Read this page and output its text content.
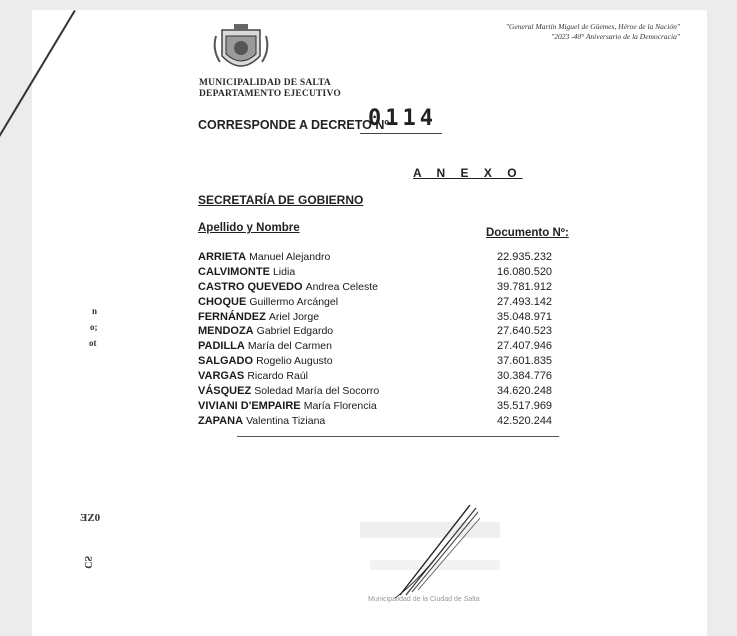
MUNICIPALIDAD DE SALTA
DEPARTAMENTO EJECUTIVO
"General Martín Miguel de Güemes, Héroe de la Nación"
"2023 -40° Aniversario de la Democracia"
CORRESPONDE A DECRETO Nº
0114
A N E X O
SECRETARÍA DE GOBIERNO
Apellido y Nombre	Documento Nº:
ARRIETA Manuel Alejandro	22.935.232
CALVIMONTE Lidia	16.080.520
CASTRO QUEVEDO Andrea Celeste	39.781.912
CHOQUE Guillermo Arcángel	27.493.142
FERNÁNDEZ Ariel Jorge	35.048.971
MENDOZA Gabriel Edgardo	27.640.523
PADILLA María del Carmen	27.407.946
SALGADO Rogelio Augusto	37.601.835
VARGAS Ricardo Raúl	30.384.776
VÁSQUEZ Soledad María del Socorro	34.620.248
VIVIANI D'EMPAIRE María Florencia	35.517.969
ZAPANA Valentina Tiziana	42.520.244
n
o;
ot
ƎZ0
ƧƆ
Municipalidad de la Ciudad de Salta
